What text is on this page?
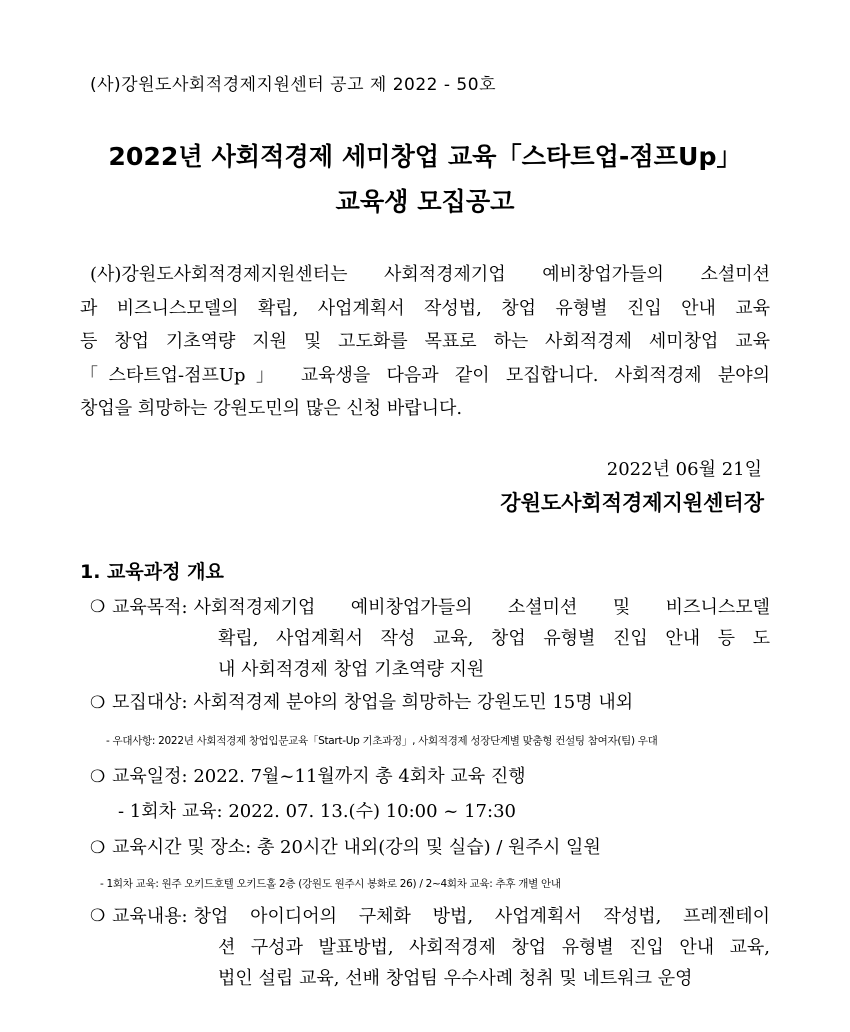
(사)강원도사회적경제지원센터 공고 제 2022 - 50호
2022년 사회적경제 세미창업 교육「스타트업-점프Up」
교육생 모집공고

(사)강원도사회적경제지원센터는 사회적경제기업 예비창업가들의 소셜미션
과 비즈니스모델의 확립, 사업계획서 작성법, 창업 유형별 진입 안내 교육
등 창업 기초역량 지원 및 고도화를 목표로 하는 사회적경제 세미창업 교육
「스타트업-점프Up」 교육생을 다음과 같이 모집합니다. 사회적경제 분야의
창업을 희망하는 강원도민의 많은 신청 바랍니다.

2022년 06월 21일
강원도사회적경제지원센터장
1. 교육과정 개요
❍ 교육목적: 사회적경제기업 예비창업가들의 소셜미션 및 비즈니스모델
확립, 사업계획서 작성 교육, 창업 유형별 진입 안내 등 도
내 사회적경제 창업 기초역량 지원
❍ 모집대상: 사회적경제 분야의 창업을 희망하는 강원도민 15명 내외
- 우대사항: 2022년 사회적경제 창업입문교육「Start-Up 기초과정」, 사회적경제 성장단계별 맞춤형 컨설팅 참여자(팀) 우대
❍ 교육일정: 2022. 7월~11월까지 총 4회차 교육 진행
- 1회차 교육: 2022. 07. 13.(수) 10:00 ~ 17:30
❍ 교육시간 및 장소: 총 20시간 내외(강의 및 실습) / 원주시 일원
- 1회차 교육: 원주 오키드호텔 오키드홀 2층 (강원도 원주시 봉화로 26) / 2~4회차 교육: 추후 개별 안내
❍ 교육내용: 창업 아이디어의 구체화 방법, 사업계획서 작성법, 프레젠테이
션 구성과 발표방법, 사회적경제 창업 유형별 진입 안내 교육,
법인 설립 교육, 선배 창업팀 우수사례 청취 및 네트워크 운영
